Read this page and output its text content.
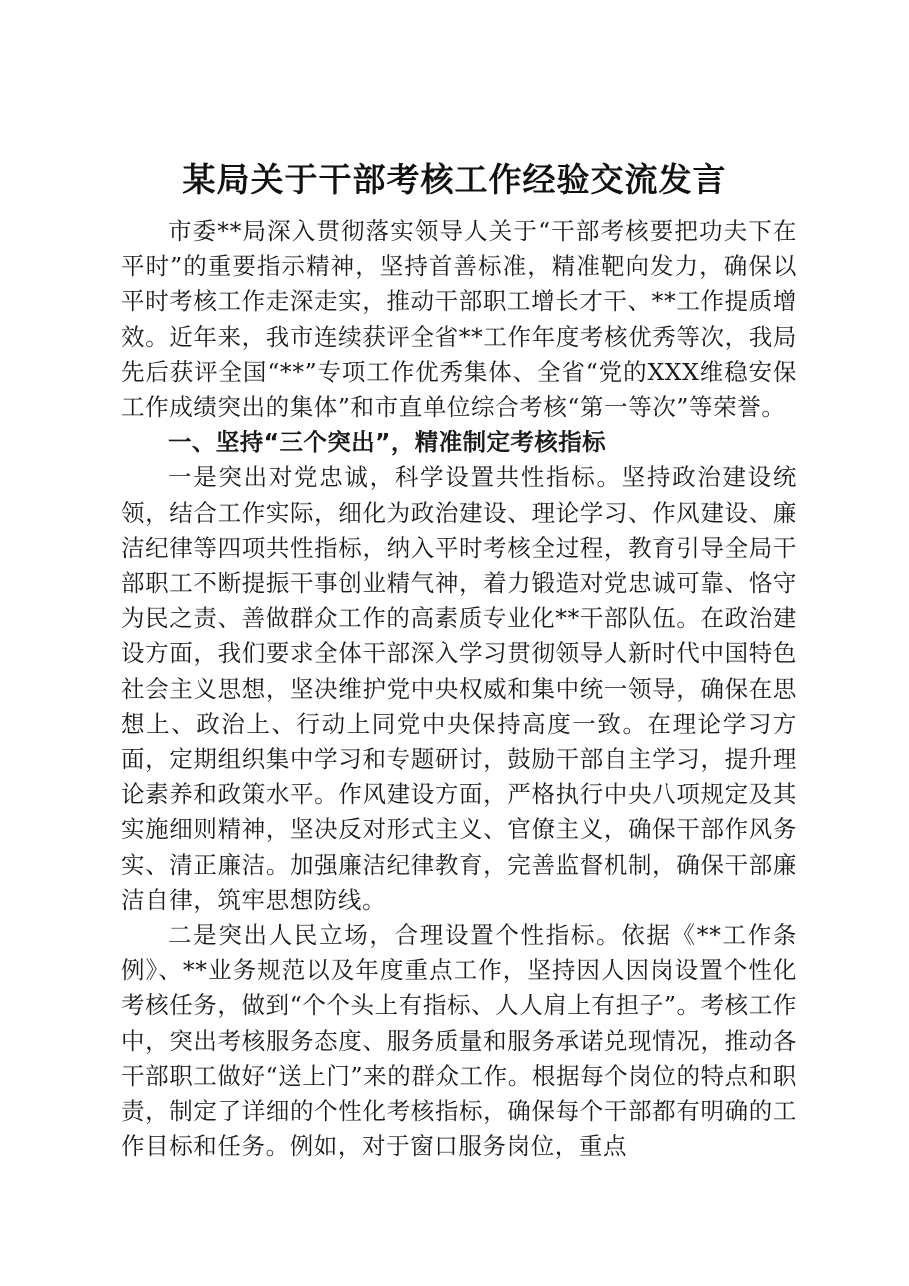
某局关于干部考核工作经验交流发言

市委**局深入贯彻落实领导人关于“干部考核要把功夫下在平时”的重要指示精神，坚持首善标准，精准靶向发力，确保以平时考核工作走深走实，推动干部职工增长才干、**工作提质增效。近年来，我市连续获评全省**工作年度考核优秀等次，我局先后获评全国“**”专项工作优秀集体、全省“党的XXX维稳安保工作成绩突出的集体”和市直单位综合考核“第一等次”等荣誉。

一、坚持“三个突出”，精准制定考核指标

一是突出对党忠诚，科学设置共性指标。坚持政治建设统领，结合工作实际，细化为政治建设、理论学习、作风建设、廉洁纪律等四项共性指标，纳入平时考核全过程，教育引导全局干部职工不断提振干事创业精气神，着力锻造对党忠诚可靠、恪守为民之责、善做群众工作的高素质专业化**干部队伍。在政治建设方面，我们要求全体干部深入学习贯彻领导人新时代中国特色社会主义思想，坚决维护党中央权威和集中统一领导，确保在思想上、政治上、行动上同党中央保持高度一致。在理论学习方面，定期组织集中学习和专题研讨，鼓励干部自主学习，提升理论素养和政策水平。作风建设方面，严格执行中央八项规定及其实施细则精神，坚决反对形式主义、官僚主义，确保干部作风务实、清正廉洁。加强廉洁纪律教育，完善监督机制，确保干部廉洁自律，筑牢思想防线。

二是突出人民立场，合理设置个性指标。依据《**工作条例》、**业务规范以及年度重点工作，坚持因人因岗设置个性化考核任务，做到“个个头上有指标、人人肩上有担子”。考核工作中，突出考核服务态度、服务质量和服务承诺兑现情况，推动各干部职工做好“送上门”来的群众工作。根据每个岗位的特点和职责，制定了详细的个性化考核指标，确保每个干部都有明确的工作目标和任务。例如，对于窗口服务岗位，重点
